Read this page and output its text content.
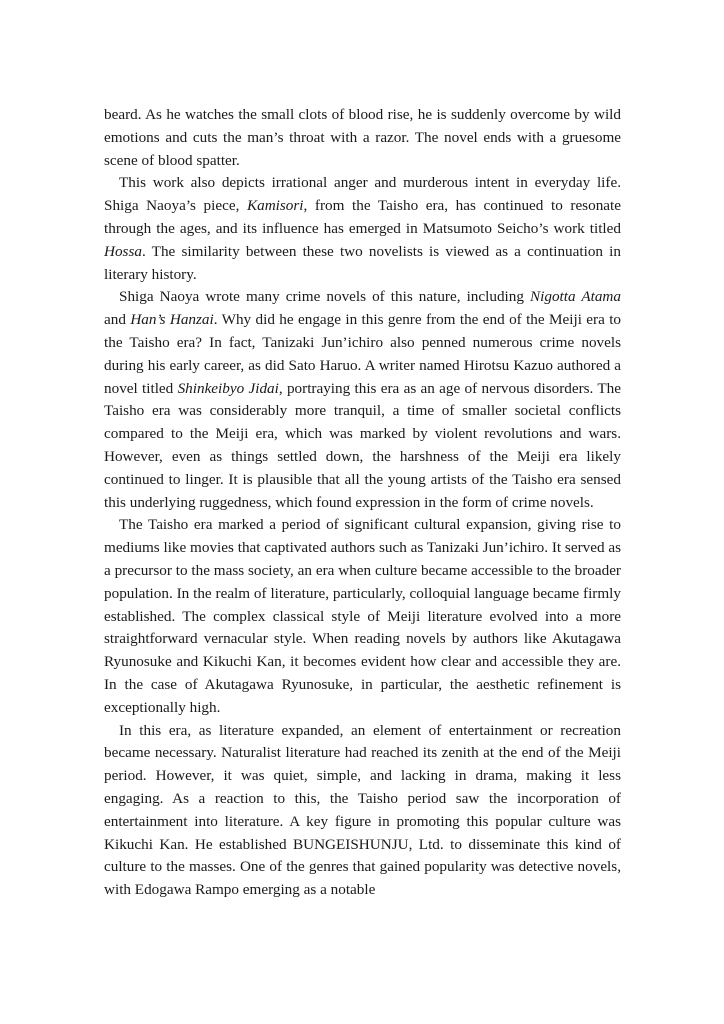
beard. As he watches the small clots of blood rise, he is suddenly overcome by wild emotions and cuts the man’s throat with a razor. The novel ends with a gruesome scene of blood spatter.

This work also depicts irrational anger and murderous intent in everyday life. Shiga Naoya’s piece, Kamisori, from the Taisho era, has continued to resonate through the ages, and its influence has emerged in Matsumoto Seicho’s work titled Hossa. The similarity between these two novelists is viewed as a continuation in literary history.

Shiga Naoya wrote many crime novels of this nature, including Nigotta Atama and Han’s Hanzai. Why did he engage in this genre from the end of the Meiji era to the Taisho era? In fact, Tanizaki Jun’ichiro also penned numerous crime novels during his early career, as did Sato Haruo. A writer named Hirotsu Kazuo authored a novel titled Shinkeibyo Jidai, portraying this era as an age of nervous disorders. The Taisho era was considerably more tranquil, a time of smaller societal conflicts compared to the Meiji era, which was marked by violent revolutions and wars. However, even as things settled down, the harshness of the Meiji era likely continued to linger. It is plausible that all the young artists of the Taisho era sensed this underlying ruggedness, which found expression in the form of crime novels.

The Taisho era marked a period of significant cultural expansion, giving rise to mediums like movies that captivated authors such as Tanizaki Jun’ichiro. It served as a precursor to the mass society, an era when culture became accessible to the broader population. In the realm of literature, particularly, colloquial language became firmly established. The complex classical style of Meiji literature evolved into a more straightforward vernacular style. When reading novels by authors like Akutagawa Ryunosuke and Kikuchi Kan, it becomes evident how clear and accessible they are. In the case of Akutagawa Ryunosuke, in particular, the aesthetic refinement is exceptionally high.

In this era, as literature expanded, an element of entertainment or recreation became necessary. Naturalist literature had reached its zenith at the end of the Meiji period. However, it was quiet, simple, and lacking in drama, making it less engaging. As a reaction to this, the Taisho period saw the incorporation of entertainment into literature. A key figure in promoting this popular culture was Kikuchi Kan. He established BUNGEISHUNJU, Ltd. to disseminate this kind of culture to the masses. One of the genres that gained popularity was detective novels, with Edogawa Rampo emerging as a notable
